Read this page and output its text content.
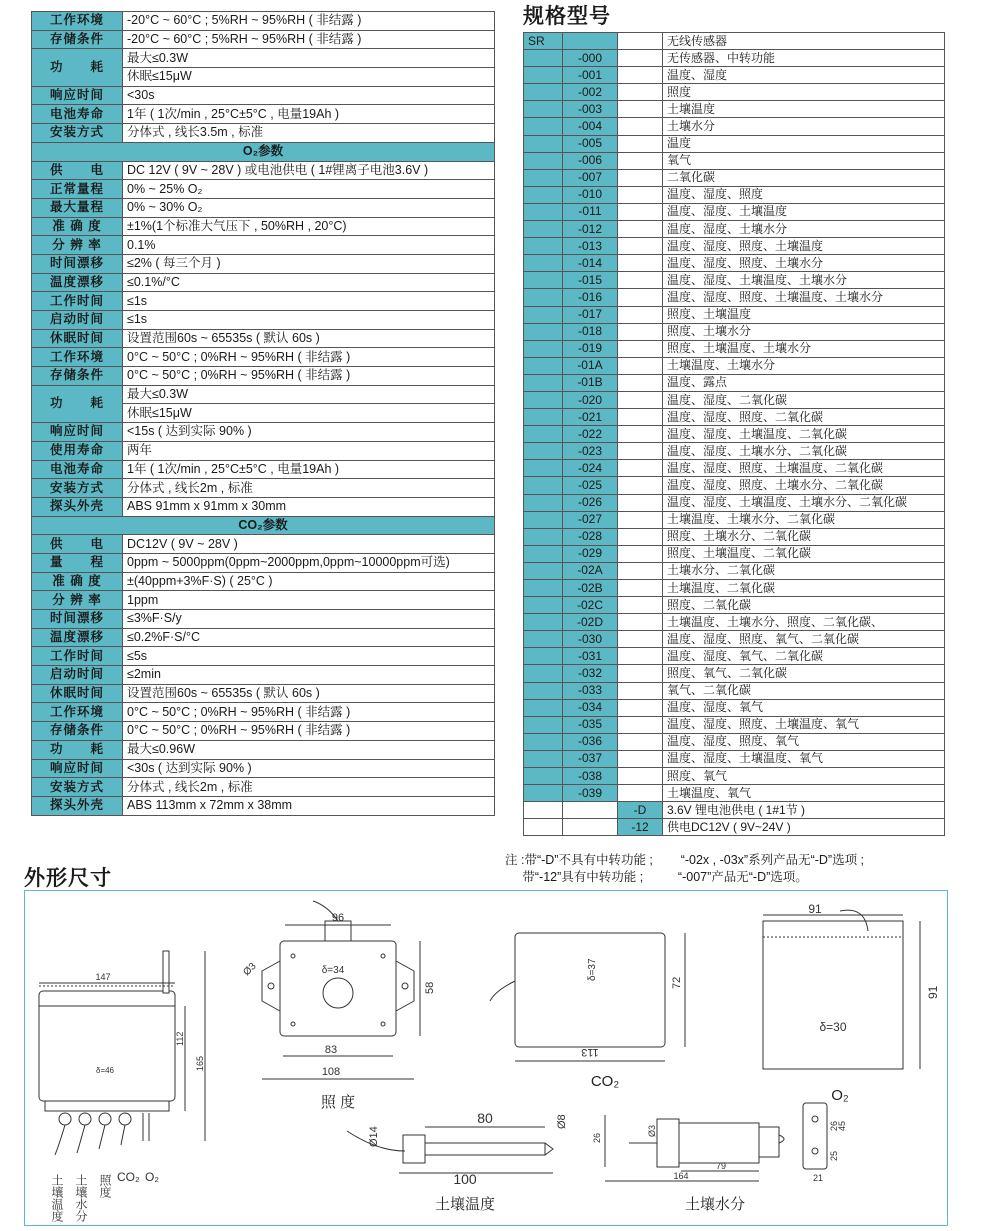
工作环境	-20°C ~ 60°C ; 5%RH ~ 95%RH ( 非结露 )
存储条件	-20°C ~ 60°C ; 5%RH ~ 95%RH ( 非结露 )
功　　耗	最大≤0.3W
	休眠≤15μW
响应时间	<30s
电池寿命	1年 ( 1次/min , 25°C±5°C , 电量19Ah )
安装方式	分体式 , 线长3.5m , 标准
O₂参数	
供　　电	DC 12V ( 9V ~ 28V ) 或电池供电 ( 1#锂离子电池3.6V )
正常量程	0% ~ 25% O₂
最大量程	0% ~ 30% O₂
准 确 度	±1%(1个标准大气压下 , 50%RH , 20°C)
分 辨 率	0.1%
时间漂移	≤2% ( 每三个月 )
温度漂移	≤0.1%/°C
工作时间	≤1s
启动时间	≤1s
休眠时间	设置范围60s ~ 65535s ( 默认 60s )
工作环境	0°C ~ 50°C ; 0%RH ~ 95%RH ( 非结露 )
存储条件	0°C ~ 50°C ; 0%RH ~ 95%RH ( 非结露 )
功　　耗	最大≤0.3W
	休眠≤15μW
响应时间	<15s ( 达到实际 90% )
使用寿命	两年
电池寿命	1年 ( 1次/min , 25°C±5°C , 电量19Ah )
安装方式	分体式 , 线长2m , 标准
探头外壳	ABS 91mm x 91mm x 30mm
CO₂参数	
供　　电	DC12V ( 9V ~ 28V )
量　　程	0ppm ~ 5000ppm(0ppm~2000ppm,0ppm~10000ppm可选)
准 确 度	±(40ppm+3%F·S) ( 25°C )
分 辨 率	1ppm
时间漂移	≤3%F·S/y
温度漂移	≤0.2%F·S/°C
工作时间	≤5s
启动时间	≤2min
休眠时间	设置范围60s ~ 65535s ( 默认 60s )
工作环境	0°C ~ 50°C ; 0%RH ~ 95%RH ( 非结露 )
存储条件	0°C ~ 50°C ; 0%RH ~ 95%RH ( 非结露 )
功　　耗	最大≤0.96W
响应时间	<30s ( 达到实际 90% )
安装方式	分体式 , 线长2m , 标准
探头外壳	ABS 113mm x 72mm x 38mm
规格型号
SR			无线传感器
	-000		无传感器、中转功能
	-001		温度、湿度
	-002		照度
	-003		土壤温度
	-004		土壤水分
	-005		温度
	-006		氧气
	-007		二氧化碳
	-010		温度、湿度、照度
	-011		温度、湿度、土壤温度
	-012		温度、湿度、土壤水分
	-013		温度、湿度、照度、土壤温度
	-014		温度、湿度、照度、土壤水分
	-015		温度、湿度、土壤温度、土壤水分
	-016		温度、湿度、照度、土壤温度、土壤水分
	-017		照度、土壤温度
	-018		照度、土壤水分
	-019		照度、土壤温度、土壤水分
	-01A		土壤温度、土壤水分
	-01B		温度、露点
	-020		温度、湿度、二氧化碳
	-021		温度、湿度、照度、二氧化碳
	-022		温度、湿度、土壤温度、二氧化碳
	-023		温度、湿度、土壤水分、二氧化碳
	-024		温度、湿度、照度、土壤温度、二氧化碳
	-025		温度、湿度、照度、土壤水分、二氧化碳
	-026		温度、湿度、土壤温度、土壤水分、二氧化碳
	-027		土壤温度、土壤水分、二氧化碳
	-028		照度、土壤水分、二氧化碳
	-029		照度、土壤温度、二氧化碳
	-02A		土壤水分、二氧化碳
	-02B		土壤温度、二氧化碳
	-02C		照度、二氧化碳
	-02D		土壤温度、土壤水分、照度、二氧化碳、
	-030		温度、湿度、照度、氧气、二氧化碳
	-031		温度、湿度、氧气、二氧化碳
	-032		照度、氧气、二氧化碳
	-033		氧气、二氧化碳
	-034		温度、湿度、氧气
	-035		温度、湿度、照度、土壤温度、氧气
	-036		温度、湿度、照度、氧气
	-037		温度、湿度、土壤温度、氧气
	-038		照度、氧气
	-039		土壤温度、氧气
		-D	3.6V 锂电池供电 ( 1#1节 )
		-12	供电DC12V ( 9V~24V )
注 :带“-D”不具有中转功能 ;        “-02x , -03x”系列产品无“-D”选项 ;
带“-12”具有中转功能 ;          “-007”产品无“-D”选项。
外形尺寸
147
112
165
δ=46
土壤温度 土壤水分 照度 CO₂ O₂
96
58
83
108
Ø3	δ=34
照 度
δ=37
72
113
CO₂
91
91
δ=30
O₂
Ø14
80	Ø8
100
土壤温度
26
Ø3
79
164
26
45
25
21
土壤水分
